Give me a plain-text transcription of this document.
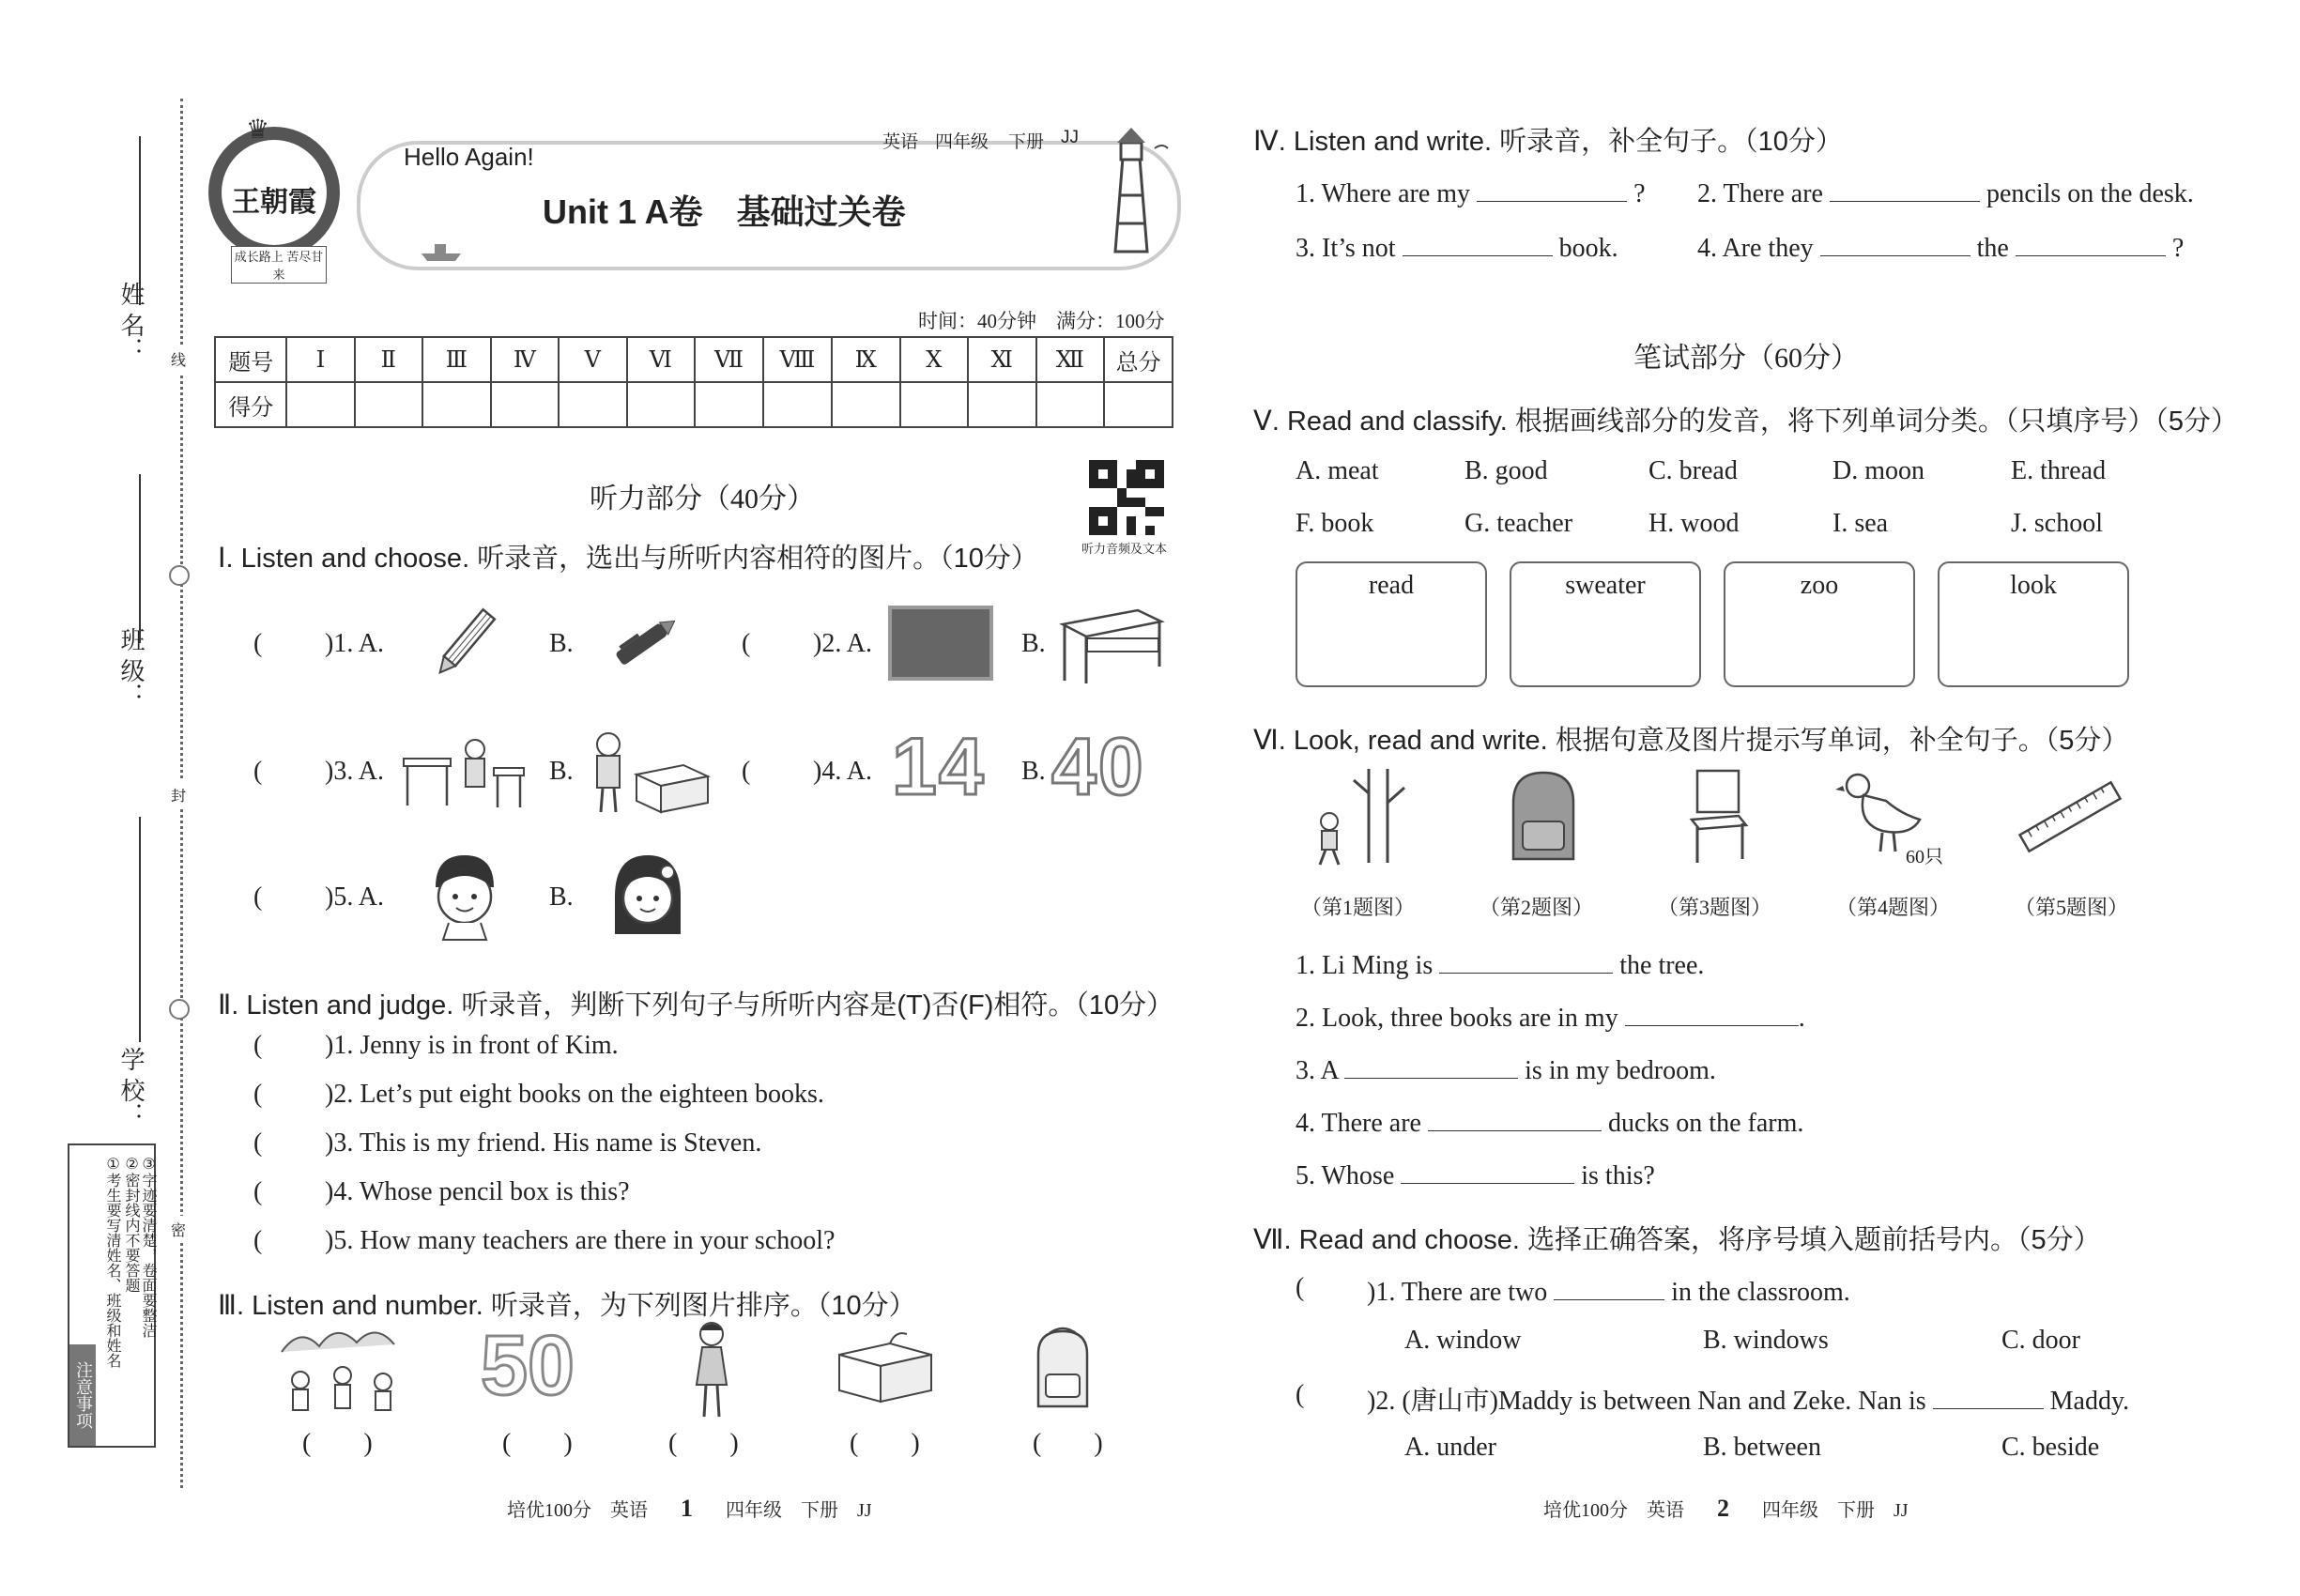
姓 名：
班 级：
学 校：
线
封
密
注意事项
①考生要写清姓名、班级和姓名 ②密封线内不要答题 ③字迹要清楚，卷面要整洁
♛
王朝霞
成长路上 苦尽甘来
Hello Again!
英语 四年级 下册 JJ
Unit 1 A卷　基础过关卷
时间：40分钟　满分：100分
题号	Ⅰ	Ⅱ	Ⅲ	Ⅳ	Ⅴ	Ⅵ	Ⅶ	Ⅷ	Ⅸ	Ⅹ	Ⅺ	Ⅻ	总分
得分													
听力部分（40分）
听力音频及文本
Ⅰ. Listen and choose. 听录音，选出与所听内容相符的图片。（10分）
( )1. A.	B.	( )2. A.	B.
( )3. A.	B.	( )4. A. 14 B. 40
( )5. A.	B.
Ⅱ. Listen and judge. 听录音，判断下列句子与所听内容是(T)否(F)相符。（10分）
( )1. Jenny is in front of Kim.
( )2. Let’s put eight books on the eighteen books.
( )3. This is my friend. His name is Steven.
( )4. Whose pencil box is this?
( )5. How many teachers are there in your school?
Ⅲ. Listen and number. 听录音，为下列图片排序。（10分）
50
(　　)	(　　)	(　　)	(　　)	(　　)
培优100分　英语 1 四年级　下册　JJ
Ⅳ. Listen and write. 听录音，补全句子。（10分）
1. Where are my	? 2. There are	pencils on the desk.
3. It’s not	book.	4. Are they	the	?
笔试部分（60分）
Ⅴ. Read and classify. 根据画线部分的发音，将下列单词分类。（只填序号）（5分）
A. meat	B. good	C. bread	D. moon	E. thread
F. book	G. teacher	H. wood	I. sea	J. school
read	sweater	zoo	look
Ⅵ. Look, read and write. 根据句意及图片提示写单词，补全句子。（5分）
60只
（第1题图）	（第2题图）	（第3题图）	（第4题图）	（第5题图）
1. Li Ming is	the tree.
2. Look, three books are in my	.
3. A	is in my bedroom.
4. There are	ducks on the farm.
5. Whose	is this?
Ⅶ. Read and choose. 选择正确答案，将序号填入题前括号内。（5分）
( )1. There are two	in the classroom.
A. window	B. windows	C. door
( )2. (唐山市)Maddy is between Nan and Zeke. Nan is	Maddy.
A. under	B. between	C. beside
培优100分　英语 2 四年级　下册　JJ
